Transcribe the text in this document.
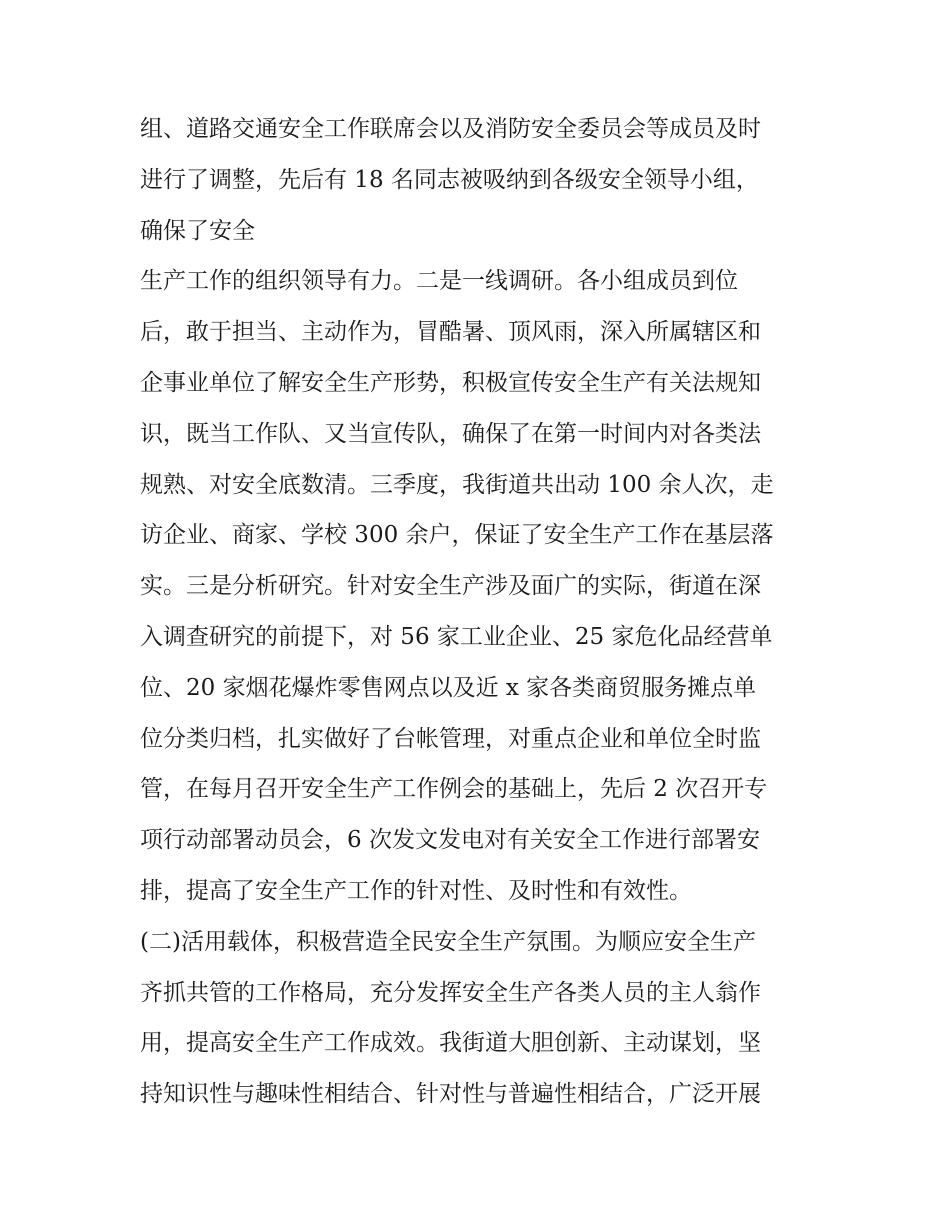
组、道路交通安全工作联席会以及消防安全委员会等成员及时
进行了调整，先后有 18 名同志被吸纳到各级安全领导小组，
确保了安全
生产工作的组织领导有力。二是一线调研。各小组成员到位
后，敢于担当、主动作为，冒酷暑、顶风雨，深入所属辖区和
企事业单位了解安全生产形势，积极宣传安全生产有关法规知
识，既当工作队、又当宣传队，确保了在第一时间内对各类法
规熟、对安全底数清。三季度，我街道共出动 100 余人次，走
访企业、商家、学校 300 余户，保证了安全生产工作在基层落
实。三是分析研究。针对安全生产涉及面广的实际，街道在深
入调查研究的前提下，对 56 家工业企业、25 家危化品经营单
位、20 家烟花爆炸零售网点以及近 x 家各类商贸服务摊点单
位分类归档，扎实做好了台帐管理，对重点企业和单位全时监
管，在每月召开安全生产工作例会的基础上，先后 2 次召开专
项行动部署动员会，6 次发文发电对有关安全工作进行部署安
排，提高了安全生产工作的针对性、及时性和有效性。
(二)活用载体，积极营造全民安全生产氛围。为顺应安全生产
齐抓共管的工作格局，充分发挥安全生产各类人员的主人翁作
用，提高安全生产工作成效。我街道大胆创新、主动谋划，坚
持知识性与趣味性相结合、针对性与普遍性相结合，广泛开展
